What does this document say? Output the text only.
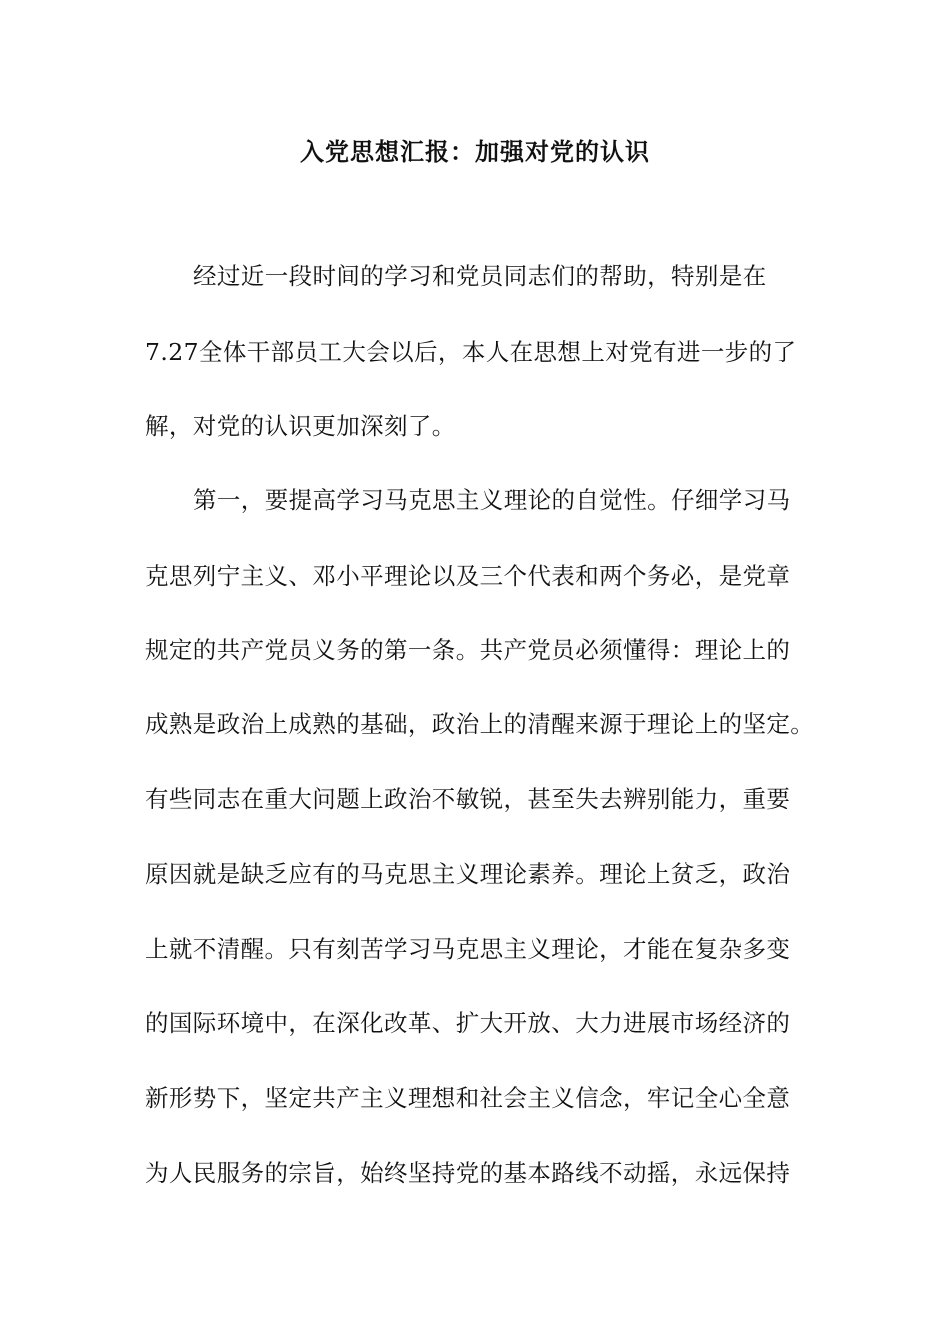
入党思想汇报：加强对党的认识
经过近一段时间的学习和党员同志们的帮助，特别是在
7.27全体干部员工大会以后，本人在思想上对党有进一步的了
解，对党的认识更加深刻了。
第一，要提高学习马克思主义理论的自觉性。仔细学习马
克思列宁主义、邓小平理论以及三个代表和两个务必，是党章
规定的共产党员义务的第一条。共产党员必须懂得：理论上的
成熟是政治上成熟的基础，政治上的清醒来源于理论上的坚定。
有些同志在重大问题上政治不敏锐，甚至失去辨别能力，重要
原因就是缺乏应有的马克思主义理论素养。理论上贫乏，政治
上就不清醒。只有刻苦学习马克思主义理论，才能在复杂多变
的国际环境中，在深化改革、扩大开放、大力进展市场经济的
新形势下，坚定共产主义理想和社会主义信念，牢记全心全意
为人民服务的宗旨，始终坚持党的基本路线不动摇，永远保持
